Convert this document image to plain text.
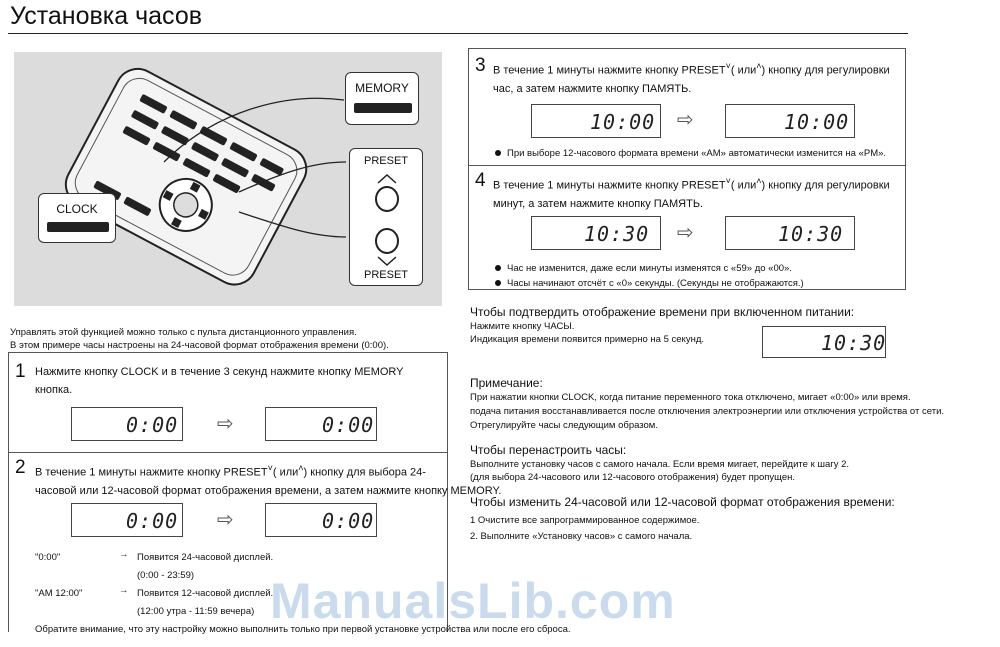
Установка часов
MEMORY
CLOCK
PRESET
PRESET
Управлять этой функцией можно только с пульта дистанционного управления.
В этом примере часы настроены на 24-часовой формат отображения времени (0:00).
1 Нажмите кнопку CLOCK и в течение 3 секунд нажмите кнопку MEMORY
кнопка.
0:00 ⇨	0:00
2 В течение 1 минуты нажмите кнопку PRESET˅( или˄) кнопку для выбора 24-
часовой или 12-часовой формат отображения времени, а затем нажмите кнопку MEMORY.
0:00 ⇨	0:00
"0:00"	→ Появится 24-часовой дисплей.
(0:00 - 23:59)
"AM 12:00"	→ Появится 12-часовой дисплей.
(12:00 утра - 11:59 вечера)
Обратите внимание, что эту настройку можно выполнить только при первой установке устройства или после его сброса.
3 В течение 1 минуты нажмите кнопку PRESET˅( или˄) кнопку для регулировки
час, а затем нажмите кнопку ПАМЯТЬ.
10:00 ⇨	10:00
При выборе 12-часового формата времени «AM» автоматически изменится на «PM».
4 В течение 1 минуты нажмите кнопку PRESET˅( или˄) кнопку для регулировки
минут, а затем нажмите кнопку ПАМЯТЬ.
10:30 ⇨	10:30
Час не изменится, даже если минуты изменятся с «59» до «00».
Часы начинают отсчёт с «0» секунды. (Секунды не отображаются.)
Чтобы подтвердить отображение времени при включенном питании:
Нажмите кнопку ЧАСЫ.
Индикация времени появится примерно на 5 секунд.	10:30
Примечание:
При нажатии кнопки CLOCK, когда питание переменного тока отключено, мигает «0:00» или время.
подача питания восстанавливается после отключения электроэнергии или отключения устройства от сети.
Отрегулируйте часы следующим образом.
Чтобы перенастроить часы:
Выполните установку часов с самого начала. Если время мигает, перейдите к шагу 2.
(для выбора 24-часового или 12-часового отображения) будет пропущен.
Чтобы изменить 24-часовой или 12-часовой формат отображения времени:
1 Очистите все запрограммированное содержимое.
2. Выполните «Установку часов» с самого начала.
ManualsLib.com
